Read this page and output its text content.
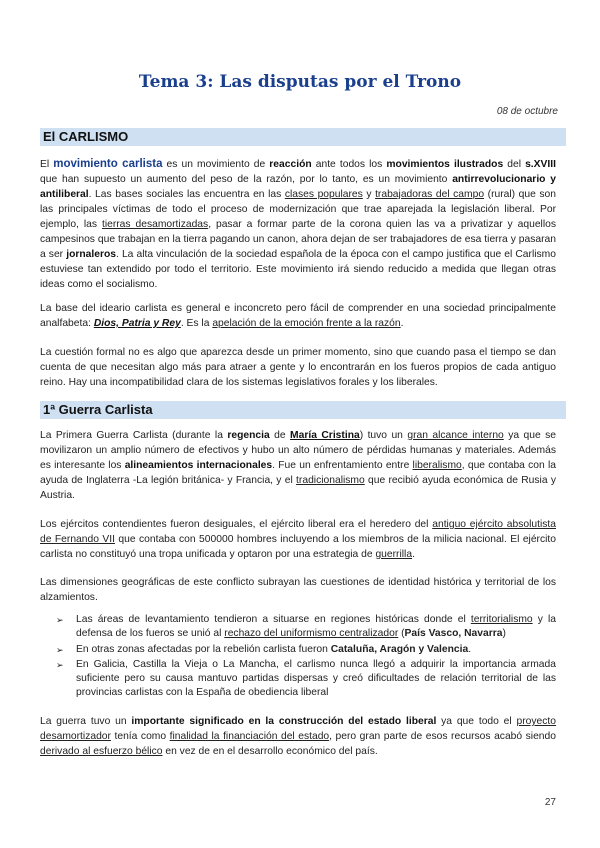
Tema 3: Las disputas por el Trono
08 de octubre
El CARLISMO
El movimiento carlista es un movimiento de reacción ante todos los movimientos ilustrados del s.XVIII que han supuesto un aumento del peso de la razón, por lo tanto, es un movimiento antirrevolucionario y antiliberal. Las bases sociales las encuentra en las clases populares y trabajadoras del campo (rural) que son las principales víctimas de todo el proceso de modernización que trae aparejada la legislación liberal. Por ejemplo, las tierras desamortizadas, pasar a formar parte de la corona quien las va a privatizar y aquellos campesinos que trabajan en la tierra pagando un canon, ahora dejan de ser trabajadores de esa tierra y pasaran a ser jornaleros. La alta vinculación de la sociedad española de la época con el campo justifica que el Carlismo estuviese tan extendido por todo el territorio. Este movimiento irá siendo reducido a medida que llegan otras ideas como el socialismo.
La base del ideario carlista es general e inconcreto pero fácil de comprender en una sociedad principalmente analfabeta: Dios, Patria y Rey. Es la apelación de la emoción frente a la razón.
La cuestión formal no es algo que aparezca desde un primer momento, sino que cuando pasa el tiempo se dan cuenta de que necesitan algo más para atraer a gente y lo encontrarán en los fueros propios de cada antiguo reino. Hay una incompatibilidad clara de los sistemas legislativos forales y los liberales.
1ª Guerra Carlista
La Primera Guerra Carlista (durante la regencia de María Cristina) tuvo un gran alcance interno ya que se movilizaron un amplio número de efectivos y hubo un alto número de pérdidas humanas y materiales. Además es interesante los alineamientos internacionales. Fue un enfrentamiento entre liberalismo, que contaba con la ayuda de Inglaterra -La legión británica- y Francia, y el tradicionalismo que recibió ayuda económica de Rusia y Austria.
Los ejércitos contendientes fueron desiguales, el ejército liberal era el heredero del antiguo ejército absolutista de Fernando VII que contaba con 500000 hombres incluyendo a los miembros de la milicia nacional. El ejército carlista no constituyó una tropa unificada y optaron por una estrategia de guerrilla.
Las dimensiones geográficas de este conflicto subrayan las cuestiones de identidad histórica y territorial de los alzamientos.
➢ Las áreas de levantamiento tendieron a situarse en regiones históricas donde el territorialismo y la defensa de los fueros se unió al rechazo del uniformismo centralizador (País Vasco, Navarra)
➢ En otras zonas afectadas por la rebelión carlista fueron Cataluña, Aragón y Valencia.
➢ En Galicia, Castilla la Vieja o La Mancha, el carlismo nunca llegó a adquirir la importancia armada suficiente pero su causa mantuvo partidas dispersas y creó dificultades de relación territorial de las provincias carlistas con la España de obediencia liberal
La guerra tuvo un importante significado en la construcción del estado liberal ya que todo el proyecto desamortizador tenía como finalidad la financiación del estado, pero gran parte de esos recursos acabó siendo derivado al esfuerzo bélico en vez de en el desarrollo económico del país.
27
